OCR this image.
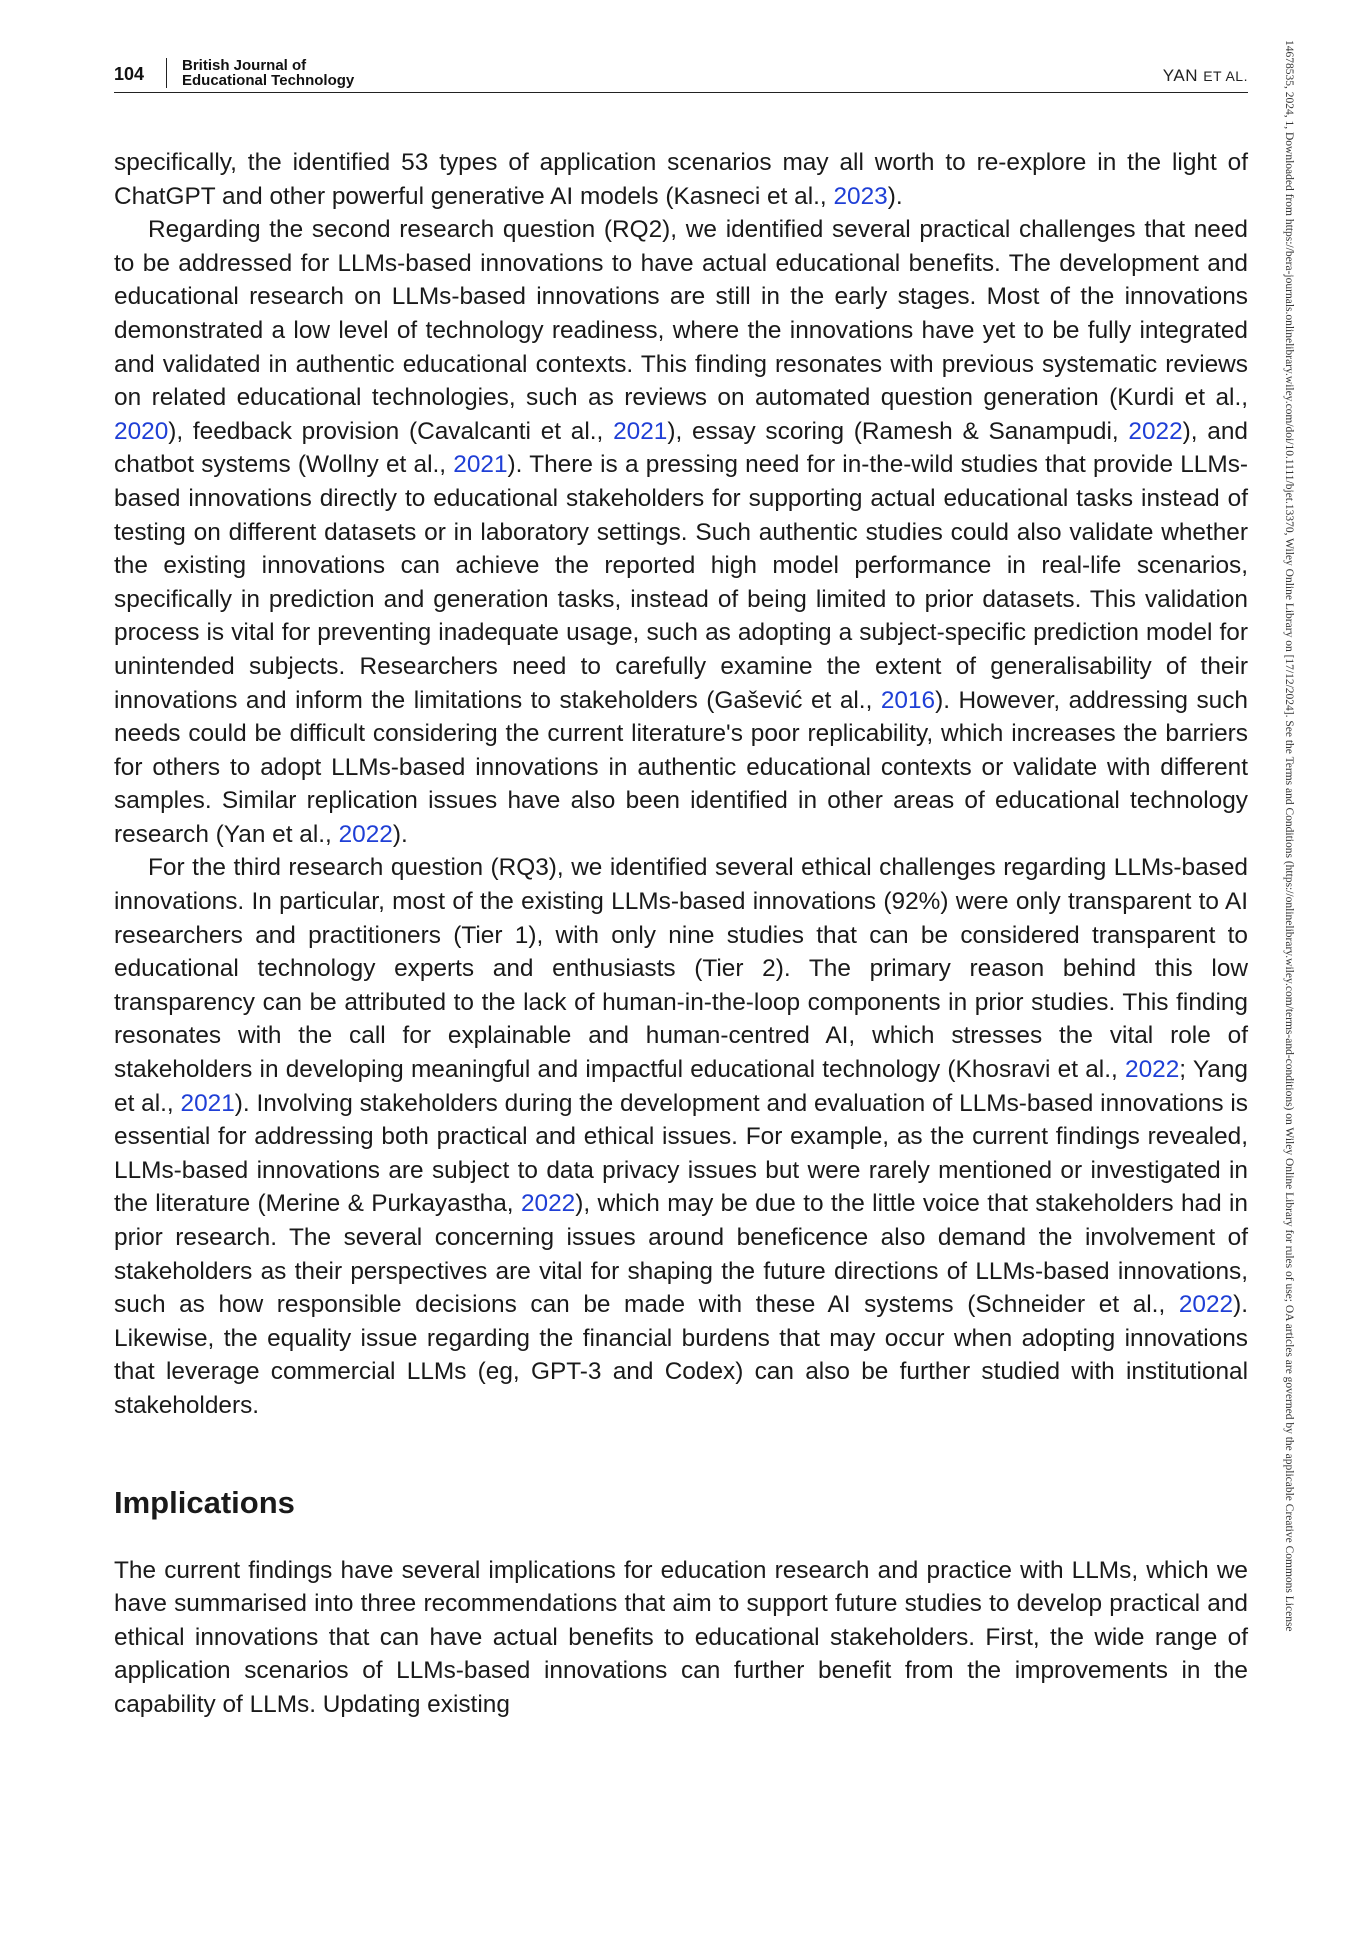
104	British Journal of
Educational Technology	YAN ET AL.	14678535, 2024, 1, Downloaded from https://bera-journals.onlinelibrary.wiley.com/doi/10.1111/bjet.13370, Wiley Online Library on [17/12/2024]. See the Terms and Conditions (https://onlinelibrary.wiley.com/terms-and-conditions) on Wiley Online Library for rules of use; OA articles are governed by the applicable Creative Commons License

specifically, the identified 53 types of application scenarios may all worth to re-explore in the light of ChatGPT and other powerful generative AI models (Kasneci et al., 2023).

Regarding the second research question (RQ2), we identified several practical challenges that need to be addressed for LLMs-based innovations to have actual educational benefits. The development and educational research on LLMs-based innovations are still in the early stages. Most of the innovations demonstrated a low level of technology readiness, where the innovations have yet to be fully integrated and validated in authentic educational contexts. This finding resonates with previous systematic reviews on related educational technologies, such as reviews on automated question generation (Kurdi et al., 2020), feedback provision (Cavalcanti et al., 2021), essay scoring (Ramesh & Sanampudi, 2022), and chatbot systems (Wollny et al., 2021). There is a pressing need for in-the-wild studies that provide LLMs-based innovations directly to educational stakeholders for supporting actual educational tasks instead of testing on different datasets or in laboratory settings. Such authentic studies could also validate whether the existing innovations can achieve the reported high model performance in real-life scenarios, specifically in prediction and generation tasks, instead of being limited to prior datasets. This validation process is vital for preventing inadequate usage, such as adopting a subject-specific prediction model for unintended subjects. Researchers need to carefully examine the extent of generalisability of their innovations and inform the limitations to stakeholders (Gašević et al., 2016). However, addressing such needs could be difficult considering the current literature's poor replicability, which increases the barriers for others to adopt LLMs-based innovations in authentic educational contexts or validate with different samples. Similar replication issues have also been identified in other areas of educational technology research (Yan et al., 2022).

For the third research question (RQ3), we identified several ethical challenges regarding LLMs-based innovations. In particular, most of the existing LLMs-based innovations (92%) were only transparent to AI researchers and practitioners (Tier 1), with only nine studies that can be considered transparent to educational technology experts and enthusiasts (Tier 2). The primary reason behind this low transparency can be attributed to the lack of human-in-the-loop components in prior studies. This finding resonates with the call for explainable and human-centred AI, which stresses the vital role of stakeholders in developing meaningful and impactful educational technology (Khosravi et al., 2022; Yang et al., 2021). Involving stakeholders during the development and evaluation of LLMs-based innovations is essential for addressing both practical and ethical issues. For example, as the current findings revealed, LLMs-based innovations are subject to data privacy issues but were rarely mentioned or investigated in the literature (Merine & Purkayastha, 2022), which may be due to the little voice that stakeholders had in prior research. The several concerning issues around beneficence also demand the involvement of stakeholders as their perspectives are vital for shaping the future directions of LLMs-based innovations, such as how responsible decisions can be made with these AI systems (Schneider et al., 2022). Likewise, the equality issue regarding the financial burdens that may occur when adopting innovations that leverage commercial LLMs (eg, GPT-3 and Codex) can also be further studied with institutional stakeholders.

Implications

The current findings have several implications for education research and practice with LLMs, which we have summarised into three recommendations that aim to support future studies to develop practical and ethical innovations that can have actual benefits to educational stakeholders. First, the wide range of application scenarios of LLMs-based innovations can further benefit from the improvements in the capability of LLMs. Updating existing
